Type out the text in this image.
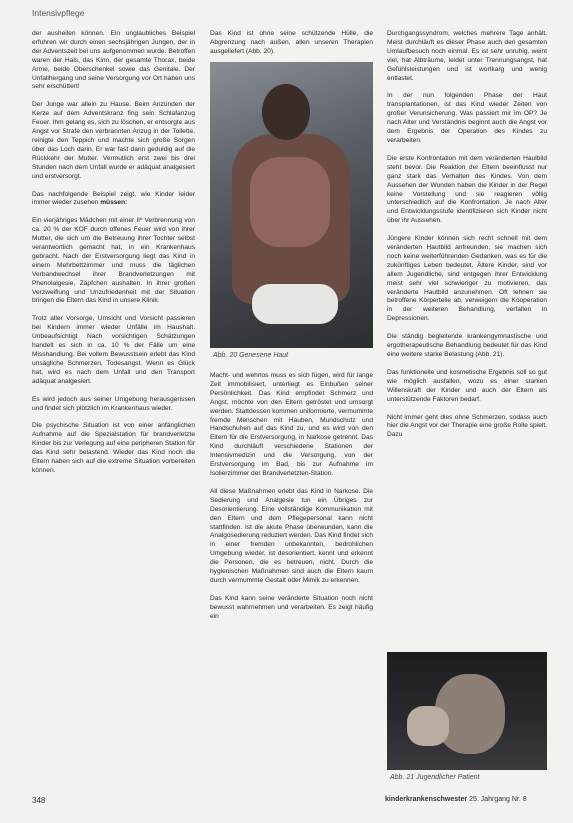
Intensivpflege

der ausheilen können. Ein unglaubliches Beispiel erfuhren wir durch einen sechsjährigen Jungen, der in der Adventszeit bei uns aufgenommen wurde. Betroffen waren der Hals, das Kinn, der gesamte Thorax, beide Arme, beide Oberschenkel sowie das Genitale. Der Unfallhergang und seine Versorgung vor Ort haben uns sehr erschüttert!

Der Junge war allein zu Hause. Beim Anzünden der Kerze auf dem Adventskranz fing sein Schlafanzug Feuer. Ihm gelang es, sich zu löschen, er entsorgte aus Angst vor Strafe den verbrannten Anzug in der Toilette, reinigte den Teppich und machte sich große Sorgen über das Loch darin. Er war fast dann geduldig auf die Rückkehr der Mutter. Vermutlich erst zwei bis drei Stunden nach dem Unfall wurde er adäquat analgesiert und erstversorgt.

Das nachfolgende Beispiel zeigt, wie Kinder leider immer wieder zusehen müssen:

Ein vierjähriges Mädchen mit einer IIº Verbrennung von ca. 20 % der KOF durch offenes Feuer wird von ihrer Mutter, die sich um die Betreuung ihrer Tochter selbst verantwortlich gemacht hat, in ein Krankenhaus gebracht. Nach der Erstversorgung liegt das Kind in einem Mehrbettzimmer und muss die täglichen Verbandwechsel ihrer Brandverletzungen mit Phenolalgesie, Zäpfchen aushalten. In ihrer großen Verzweiflung und Unzufriedenheit mit der Situation bringen die Eltern das Kind in unsere Klinik.

Trotz aller Vorsorge, Umsicht und Vorsicht passieren bei Kindern immer wieder Unfälle im Haushalt. Unbeaufsichtigt Nach vorsichtigen Schätzungen handelt es sich in ca. 10 % der Fälle um eine Misshandlung. Bei vollem Bewusstsein erlebt das Kind unsägliche Schmerzen, Todesangst. Wenn es Glück hat, wird es nach dem Unfall und den Transport adäquat analgesiert.

Es wird jedoch aus seiner Umgebung herausgerissen und findet sich plötzlich im Krankenhaus wieder.

Die psychische Situation ist von einer anfänglichen Aufnahme auf die Spezialstation für brandverletzte Kinder bis zur Verlegung auf eine peripheren Station für das Kind sehr belastend. Wieder das Kind noch die Eltern haben sich auf die extreme Situation vorbereiten können.

Das Kind ist ohne seine schützende Hülle, die Abgrenzung nach außen, allen unseren Therapien ausgeliefert (Abb. 20).

Abb. 20 Genesene Haut

Macht- und wehrlos muss es sich fügen, wird für lange Zeit immobilisiert, unterliegt es Einbußen seiner Persönlichkeit. Das Kind empfindet Schmerz und Angst, möchte von den Eltern getröstet und umsorgt werden. Stattdessen kommen uniformierte, vermummte fremde Menschen mit Hauben, Mundschutz und Handschuhen auf das Kind zu, und es wird von den Eltern für die Erstversorgung, in Narkose getrennt. Das Kind durchläuft verschiedene Stationen der Intensivmedizin und die Versorgung, von der Erstversorgung im Bad, bis zur Aufnahme im Isolierzimmer der Brandverletzten-Station.

All diese Maßnahmen erlebt das Kind in Narkose. Die Sedierung und Analgesie tun ein Übriges zur Desorientierung. Eine vollständige Kommunikation mit den Eltern und dem Pflegepersonal kann nicht stattfinden. Ist die akute Phase überwunden, kann die Analgosedierung reduziert werden. Das Kind findet sich in einer fremden unbekannten, bedrohlichen Umgebung wieder, ist desorientiert, kennt und erkennt die Personen, die es betreuen, nicht. Durch die hygienischen Maßnahmen sind auch die Eltern kaum durch vermummte Gestalt oder Mimik zu erkennen.

Das Kind kann seine veränderte Situation noch nicht bewusst wahrnehmen und verarbeiten. Es zeigt häufig ein

Durchgangssyndrom, welches mehrere Tage anhält. Meist durchläuft es dieser Phase auch den gesamten Umlaufbesuch noch einmal. Es ist sehr unruhig, weint viel, hat Albträume, leidet unter Trennungsangst, hat Gefühlsleistungen und ist wortkarg und wenig entlastet.

In der nun folgenden Phase der Haut transplantationen, ist das Kind wieder Zeiten von großer Verunsicherung. Was passiert mir im OP? Je nach Alter und Verständnis beginnt auch die Angst vor dem Ergebnis der Operation des Kindes zu verarbeiten.

Die erste Konfrontation mit dem veränderten Haulbild steht bevor. Die Reaktion der Eltern beeinflusst nur ganz stark das Verhalten des Kindes. Von dem Aussehen der Wunden haben die Kinder in der Regel keine Vorstellung und sie reagieren völlig unterschiedlich auf die Konfrontation. Je nach Alter und Entwicklungsstufe identifizieren sich Kinder nicht über ihr Aussehen.

Jüngere Kinder können sich recht schnell mit dem veränderten Hautbild anfreunden, sie machen sich noch keine weiterführenden Gedanken, was es für die zukünftiges Leben bedeutet. Ältere Kinder, sind vor allem Jugendliche, sind entgegen ihrer Entwicklung meist sehr viel schwieriger zu motivieren, das veränderte Hautbild anzunehmen. Oft lehnen sie betroffene Körperteile ab, verweigern die Kooperation in der weiteren Behandlung, verfallen in Depressionen.

Die ständig begleitende krankengymnastische und ergotherapeutische Behandlung bedeutet für das Kind eine weitere starke Belastung (Abb. 21).

Das funktionelle und kosmetische Ergebnis soll so gut wie möglich ausfallen, wozu es einer starken Willenskraft der Kinder und auch der Eltern als unterstützende Faktoren bedarf.

Nicht immer geht dies ohne Schmerzen, sodass auch hier die Angst vor der Therapie eine große Rolle spielt. Dazu

Abb. 21 Jugendlicher Patient
348	kinderkrankenschwester 25. Jahrgang Nr. 8
